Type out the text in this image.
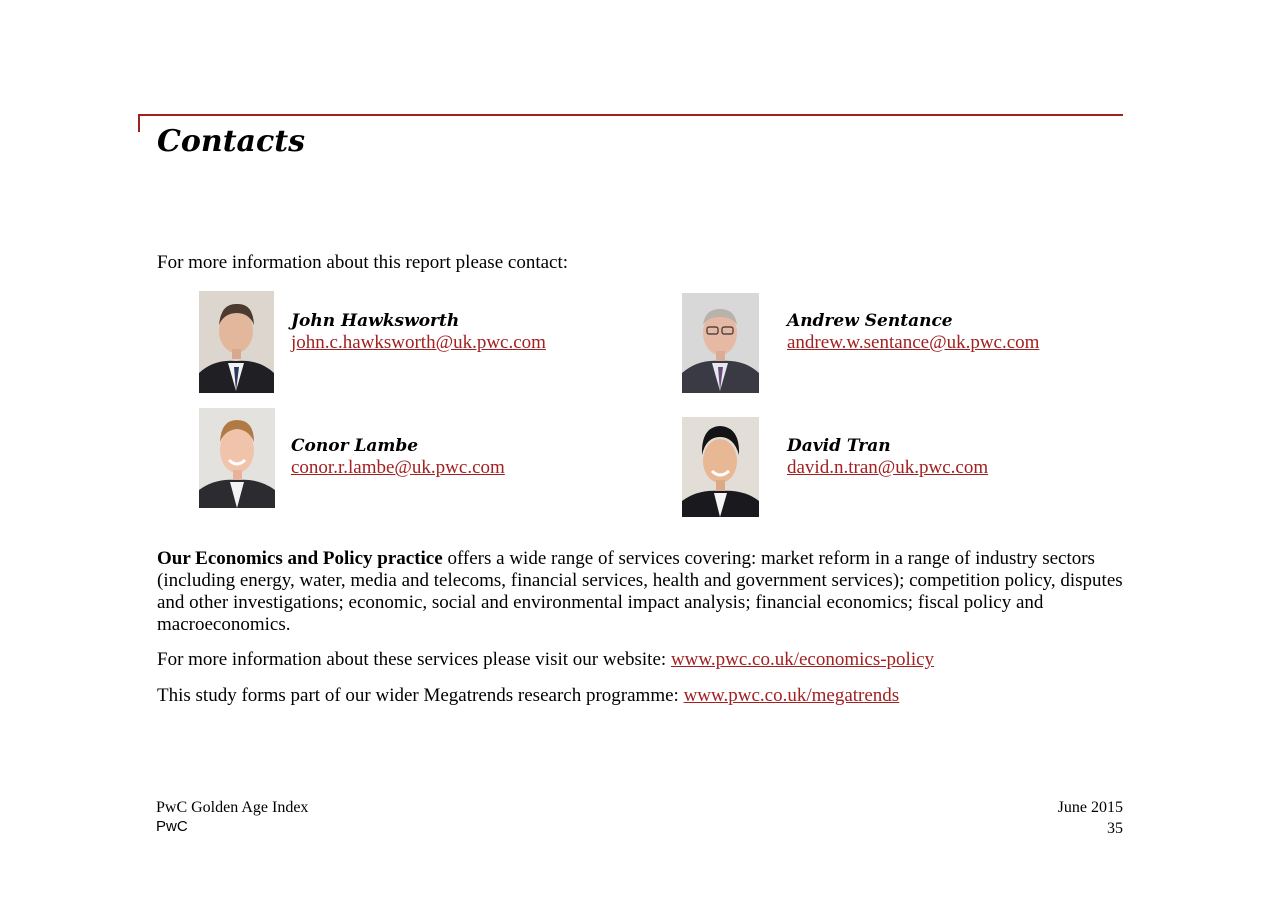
Contacts
For more information about this report please contact:
John Hawksworth
john.c.hawksworth@uk.pwc.com
Andrew Sentance
andrew.w.sentance@uk.pwc.com
Conor Lambe
conor.r.lambe@uk.pwc.com
David Tran
david.n.tran@uk.pwc.com
Our Economics and Policy practice offers a wide range of services covering: market reform in a range of industry sectors (including energy, water, media and telecoms, financial services, health and government services); competition policy, disputes and other investigations; economic, social and environmental impact analysis; financial economics; fiscal policy and macroeconomics.
For more information about these services please visit our website: www.pwc.co.uk/economics-policy
This study forms part of our wider Megatrends research programme: www.pwc.co.uk/megatrends
PwC Golden Age Index
PwC
June 2015
35
